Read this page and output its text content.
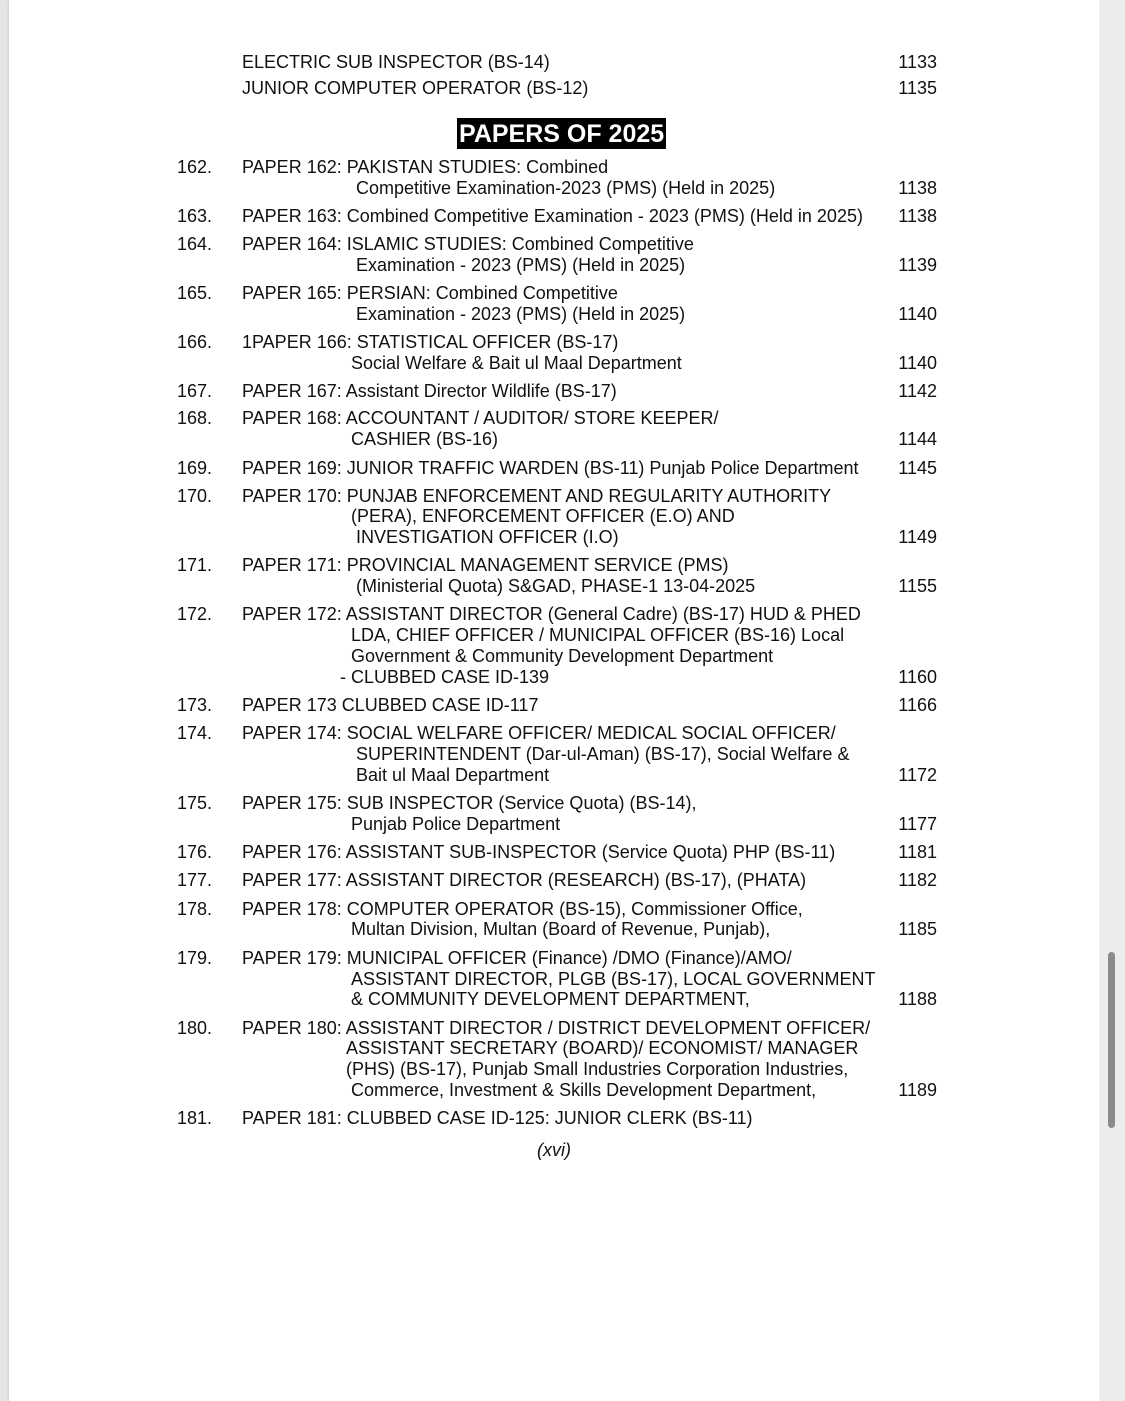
ELECTRIC SUB INSPECTOR (BS-14)	1133
JUNIOR COMPUTER OPERATOR (BS-12)	1135
PAPERS OF 2025
162. PAPER 162: PAKISTAN STUDIES: Combined
Competitive Examination-2023 (PMS) (Held in 2025)	1138
163. PAPER 163: Combined Competitive Examination - 2023 (PMS) (Held in 2025) 1138
164. PAPER 164: ISLAMIC STUDIES: Combined Competitive
Examination - 2023 (PMS) (Held in 2025)	1139
165. PAPER 165: PERSIAN: Combined Competitive
Examination - 2023 (PMS) (Held in 2025)	1140
166. 1PAPER 166: STATISTICAL OFFICER (BS-17)
Social Welfare & Bait ul Maal Department	1140
167. PAPER 167: Assistant Director Wildlife (BS-17)	1142
168. PAPER 168: ACCOUNTANT / AUDITOR/ STORE KEEPER/
CASHIER (BS-16)	1144
169. PAPER 169: JUNIOR TRAFFIC WARDEN (BS-11) Punjab Police Department 1145
170. PAPER 170: PUNJAB ENFORCEMENT AND REGULARITY AUTHORITY
(PERA), ENFORCEMENT OFFICER (E.O) AND
INVESTIGATION OFFICER (I.O)	1149
171. PAPER 171: PROVINCIAL MANAGEMENT SERVICE (PMS)
(Ministerial Quota) S&GAD, PHASE-1 13-04-2025	1155
172. PAPER 172: ASSISTANT DIRECTOR (General Cadre) (BS-17) HUD & PHED
LDA, CHIEF OFFICER / MUNICIPAL OFFICER (BS-16) Local
Government & Community Development Department
- CLUBBED CASE ID-139	1160
173. PAPER 173 CLUBBED CASE ID-117	1166
174. PAPER 174: SOCIAL WELFARE OFFICER/ MEDICAL SOCIAL OFFICER/
SUPERINTENDENT (Dar-ul-Aman) (BS-17), Social Welfare &
Bait ul Maal Department	1172
175. PAPER 175: SUB INSPECTOR (Service Quota) (BS-14),
Punjab Police Department	1177
176. PAPER 176: ASSISTANT SUB-INSPECTOR (Service Quota) PHP (BS-11)	1181
177. PAPER 177: ASSISTANT DIRECTOR (RESEARCH) (BS-17), (PHATA)	1182
178. PAPER 178: COMPUTER OPERATOR (BS-15), Commissioner Office,
Multan Division, Multan (Board of Revenue, Punjab),	1185
179. PAPER 179: MUNICIPAL OFFICER (Finance) /DMO (Finance)/AMO/
ASSISTANT DIRECTOR, PLGB (BS-17), LOCAL GOVERNMENT
& COMMUNITY DEVELOPMENT DEPARTMENT,	1188
180. PAPER 180: ASSISTANT DIRECTOR / DISTRICT DEVELOPMENT OFFICER/
ASSISTANT SECRETARY (BOARD)/ ECONOMIST/ MANAGER
(PHS) (BS-17), Punjab Small Industries Corporation Industries,
Commerce, Investment & Skills Development Department,	1189
181. PAPER 181: CLUBBED CASE ID-125: JUNIOR CLERK (BS-11)
(xvi)
